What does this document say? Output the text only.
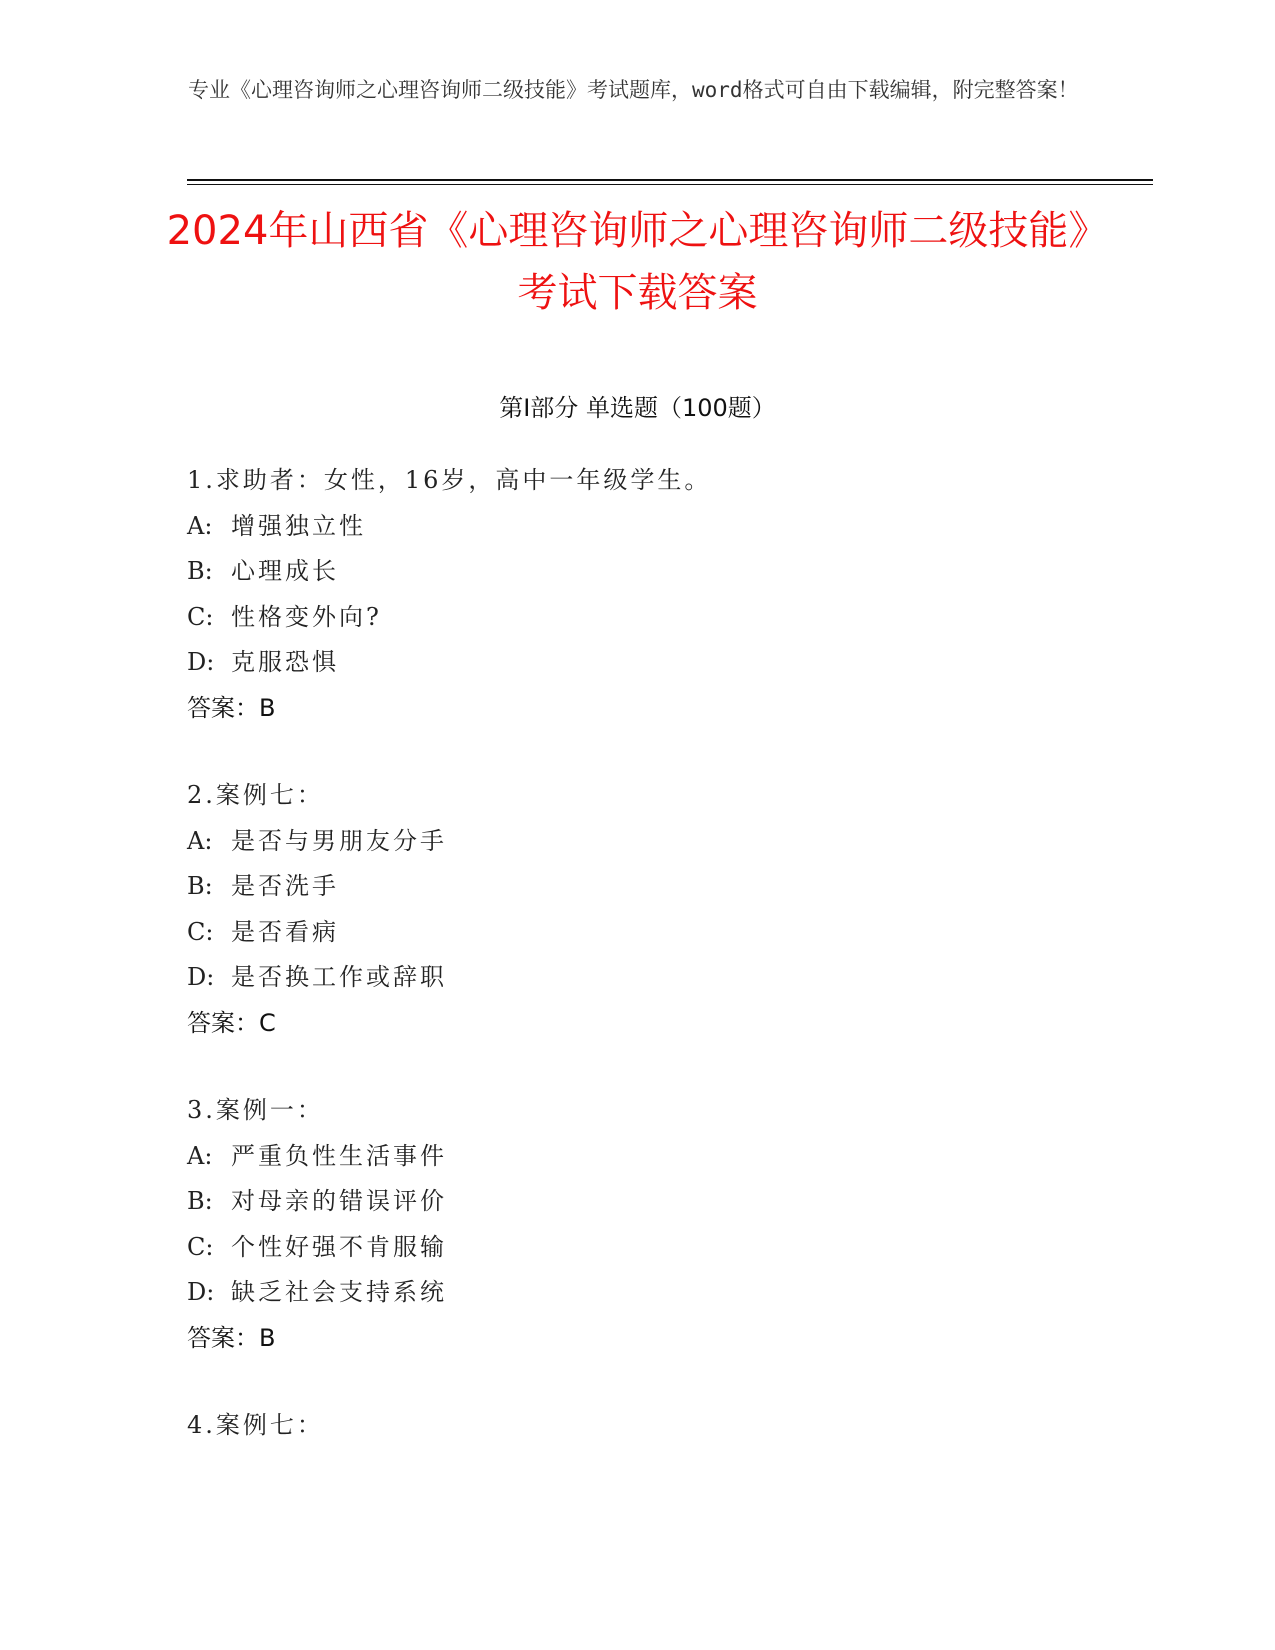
专业《心理咨询师之心理咨询师二级技能》考试题库，word格式可自由下载编辑，附完整答案！
2024年山西省《心理咨询师之心理咨询师二级技能》考试下载答案
第I部分 单选题（100题）
1.求助者：女性，16岁，高中一年级学生。
A: 增强独立性
B: 心理成长
C: 性格变外向?
D: 克服恐惧
答案：B
2.案例七：
A: 是否与男朋友分手
B: 是否洗手
C: 是否看病
D: 是否换工作或辞职
答案：C
3.案例一：
A: 严重负性生活事件
B: 对母亲的错误评价
C: 个性好强不肯服输
D: 缺乏社会支持系统
答案：B
4.案例七：
